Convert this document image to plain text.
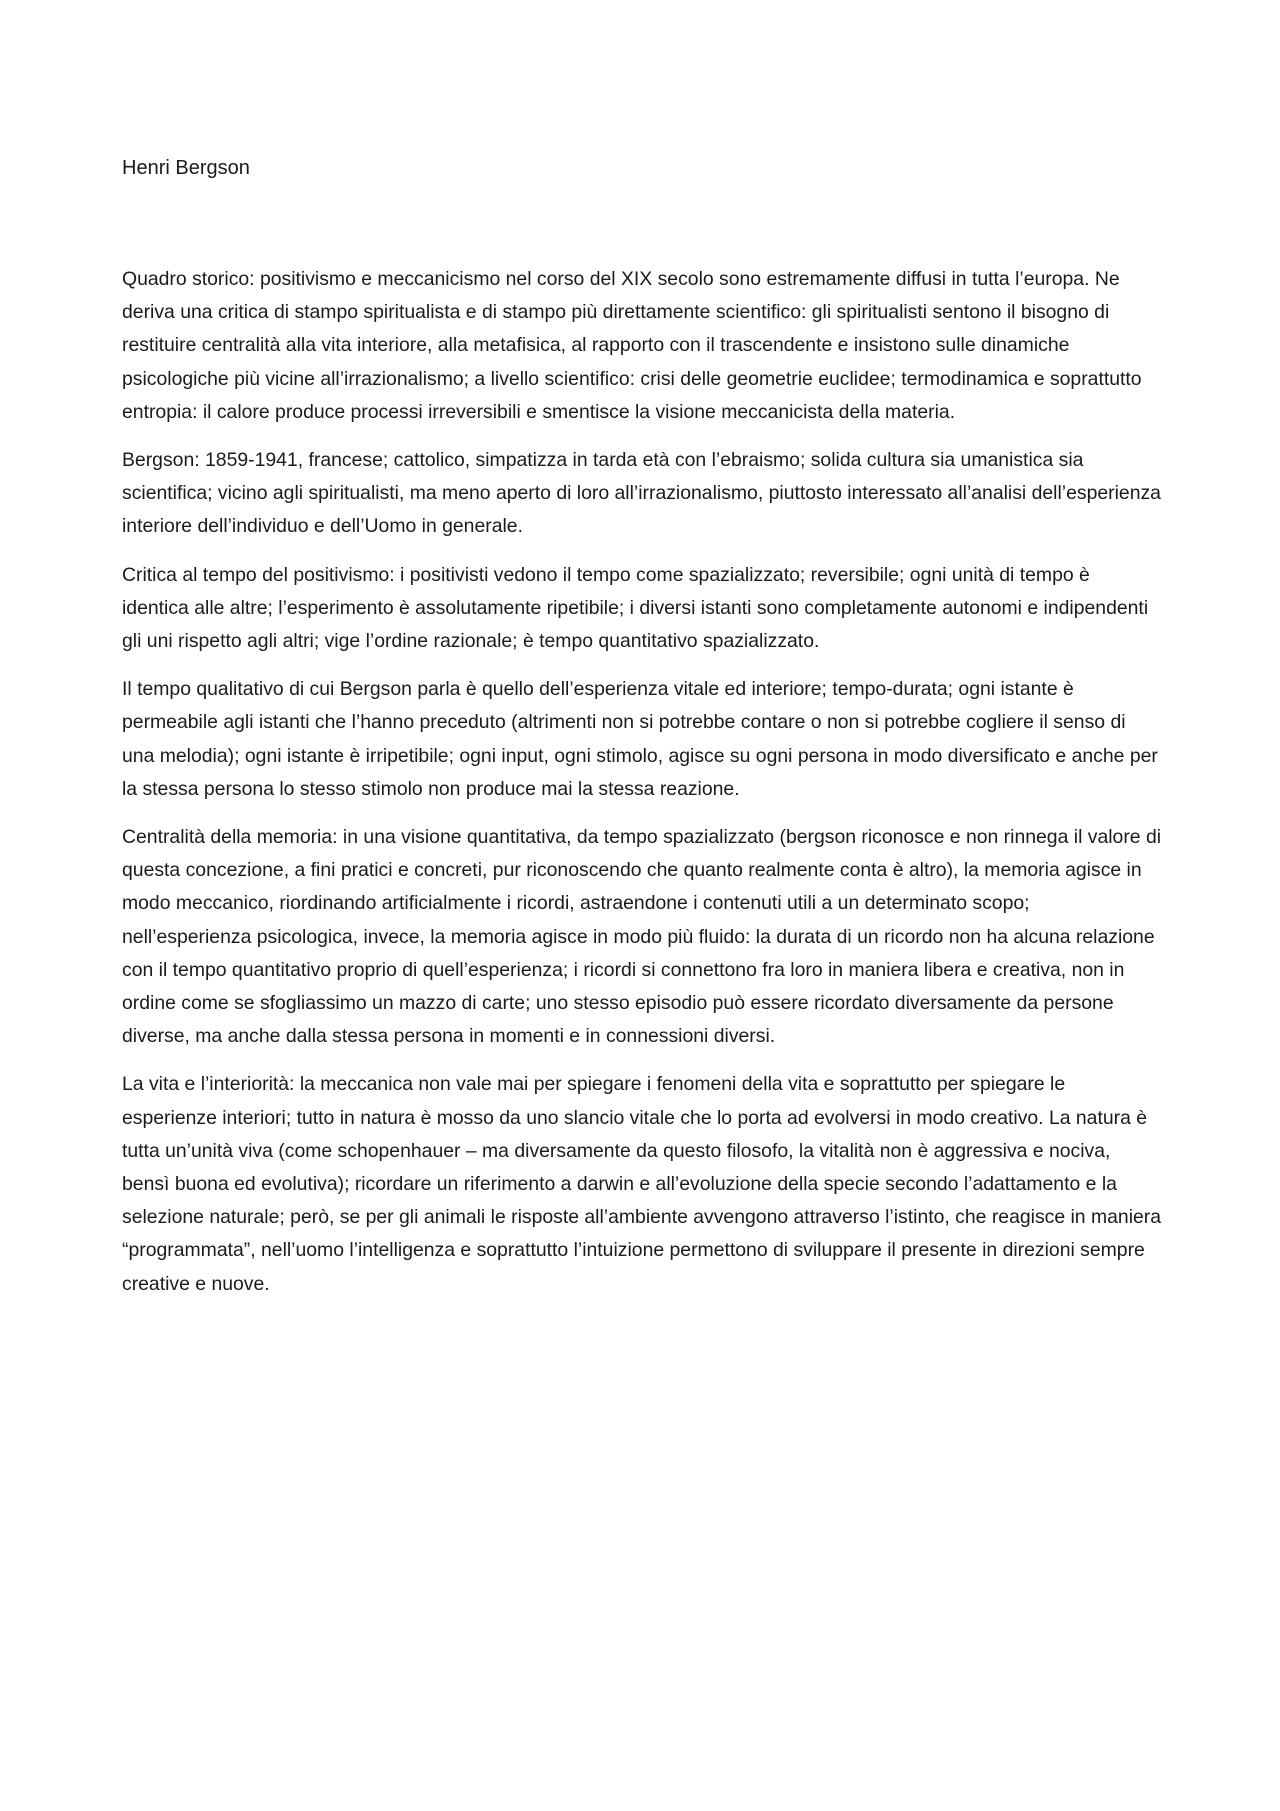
Henri Bergson

Quadro storico: positivismo e meccanicismo nel corso del XIX secolo sono estremamente diffusi in tutta l’europa. Ne deriva una critica di stampo spiritualista e di stampo più direttamente scientifico: gli spiritualisti sentono il bisogno di restituire centralità alla vita interiore, alla metafisica, al rapporto con il trascendente e insistono sulle dinamiche psicologiche più vicine all’irrazionalismo; a livello scientifico: crisi delle geometrie euclidee; termodinamica e soprattutto entropia: il calore produce processi irreversibili e smentisce la visione meccanicista della materia.

Bergson: 1859-1941, francese; cattolico, simpatizza in tarda età con l’ebraismo; solida cultura sia umanistica sia scientifica; vicino agli spiritualisti, ma meno aperto di loro all’irrazionalismo, piuttosto interessato all’analisi dell’esperienza interiore dell’individuo e dell’Uomo in generale.

Critica al tempo del positivismo: i positivisti vedono il tempo come spazializzato; reversibile; ogni unità di tempo è identica alle altre; l’esperimento è assolutamente ripetibile; i diversi istanti sono completamente autonomi e indipendenti gli uni rispetto agli altri; vige l’ordine razionale; è tempo quantitativo spazializzato.

Il tempo qualitativo di cui Bergson parla è quello dell’esperienza vitale ed interiore; tempo-durata; ogni istante è permeabile agli istanti che l’hanno preceduto (altrimenti non si potrebbe contare o non si potrebbe cogliere il senso di una melodia); ogni istante è irripetibile; ogni input, ogni stimolo, agisce su ogni persona in modo diversificato e anche per la stessa persona lo stesso stimolo non produce mai la stessa reazione.

Centralità della memoria: in una visione quantitativa, da tempo spazializzato (bergson riconosce e non rinnega il valore di questa concezione, a fini pratici e concreti, pur riconoscendo che quanto realmente conta è altro), la memoria agisce in modo meccanico, riordinando artificialmente i ricordi, astraendone i contenuti utili a un determinato scopo; nell’esperienza psicologica, invece, la memoria agisce in modo più fluido: la durata di un ricordo non ha alcuna relazione con il tempo quantitativo proprio di quell’esperienza; i ricordi si connettono fra loro in maniera libera e creativa, non in ordine come se sfogliassimo un mazzo di carte; uno stesso episodio può essere ricordato diversamente da persone diverse, ma anche dalla stessa persona in momenti e in connessioni diversi.

La vita e l’interiorità: la meccanica non vale mai per spiegare i fenomeni della vita e soprattutto per spiegare le esperienze interiori; tutto in natura è mosso da uno slancio vitale che lo porta ad evolversi in modo creativo. La natura è tutta un’unità viva (come schopenhauer – ma diversamente da questo filosofo, la vitalità non è aggressiva e nociva, bensì buona ed evolutiva); ricordare un riferimento a darwin e all’evoluzione della specie secondo l’adattamento e la selezione naturale; però, se per gli animali le risposte all’ambiente avvengono attraverso l’istinto, che reagisce in maniera “programmata”, nell’uomo l’intelligenza e soprattutto l’intuizione permettono di sviluppare il presente in direzioni sempre creative e nuove.
